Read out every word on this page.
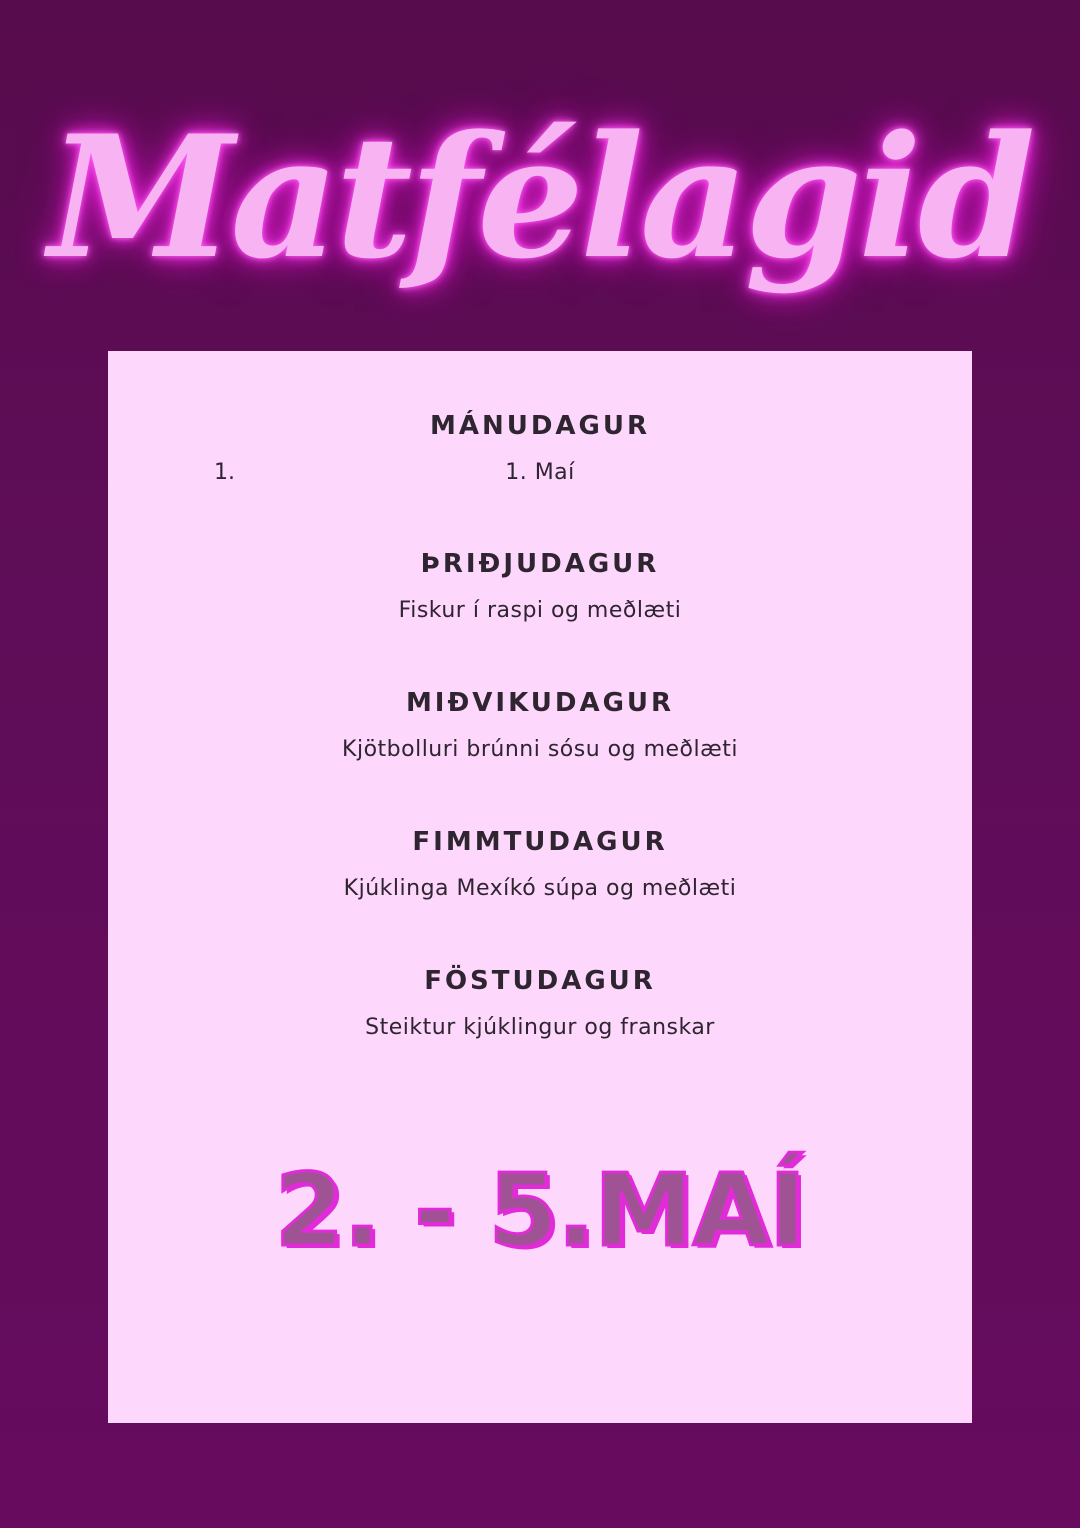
Matfélagid
MÁNUDAGUR
1. Maí
1.
ÞRIÐJUDAGUR
Fiskur í raspi og meðlæti
MIÐVIKUDAGUR
Kjötbolluri brúnni sósu og meðlæti
FIMMTUDAGUR
Kjúklinga Mexíkó súpa og meðlæti
FÖSTUDAGUR
Steiktur kjúklingur og franskar
2. - 5.MAÍ
